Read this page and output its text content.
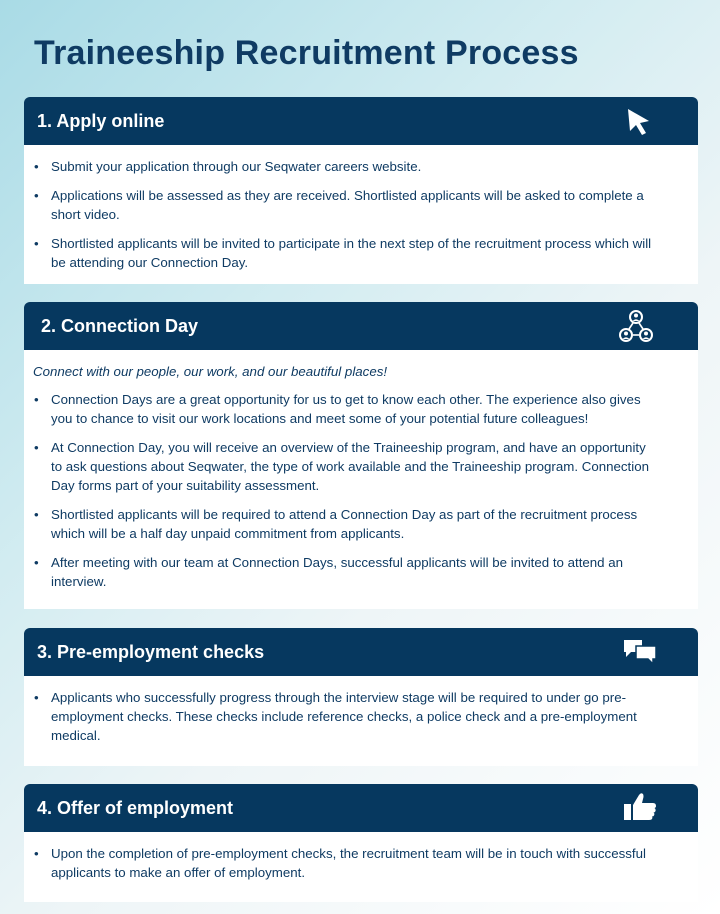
Traineeship Recruitment Process
1. Apply online
• Submit your application through our Seqwater careers website.
• Applications will be assessed as they are received. Shortlisted applicants will be asked to complete a short video.
• Shortlisted applicants will be invited to participate in the next step of the recruitment process which will be attending our Connection Day.
2. Connection Day

Connect with our people, our work, and our beautiful places!

• Connection Days are a great opportunity for us to get to know each other. The experience also gives you to chance to visit our work locations and meet some of your potential future colleagues!
• At Connection Day, you will receive an overview of the Traineeship program, and have an opportunity to ask questions about Seqwater, the type of work available and the Traineeship program. Connection Day forms part of your suitability assessment.
• Shortlisted applicants will be required to attend a Connection Day as part of the recruitment process which will be a half day unpaid commitment from applicants.
• After meeting with our team at Connection Days, successful applicants will be invited to attend an interview.
3. Pre-employment checks
• Applicants who successfully progress through the interview stage will be required to under go pre-employment checks. These checks include reference checks, a police check and a pre-employment medical.
4. Offer of employment
• Upon the completion of pre-employment checks, the recruitment team will be in touch with successful applicants to make an offer of employment.
